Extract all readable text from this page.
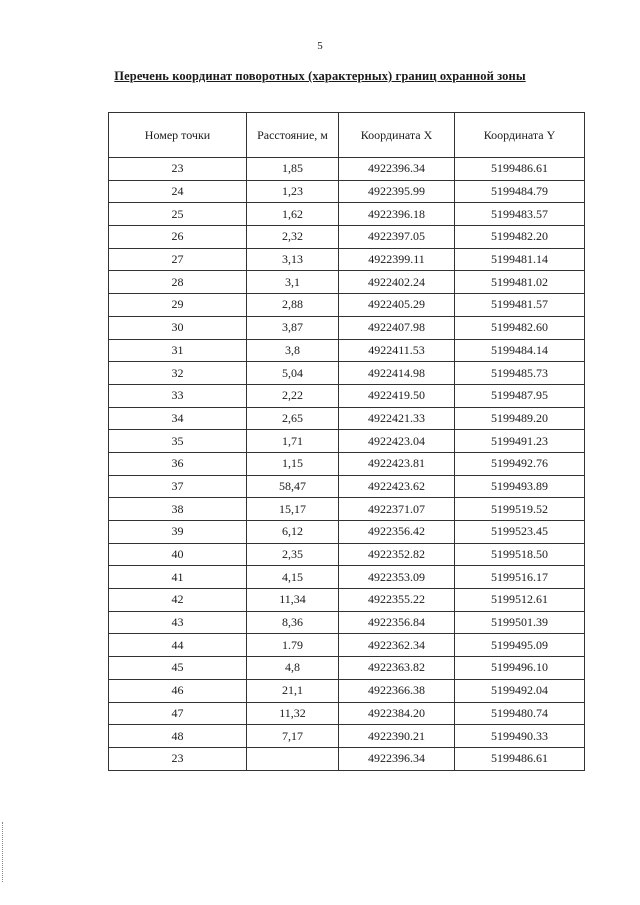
5
Перечень координат поворотных (характерных) границ охранной зоны
Номер точки	Расстояние, м	Координата X	Координата Y
23	1,85	4922396.34	5199486.61
24	1,23	4922395.99	5199484.79
25	1,62	4922396.18	5199483.57
26	2,32	4922397.05	5199482.20
27	3,13	4922399.11	5199481.14
28	3,1	4922402.24	5199481.02
29	2,88	4922405.29	5199481.57
30	3,87	4922407.98	5199482.60
31	3,8	4922411.53	5199484.14
32	5,04	4922414.98	5199485.73
33	2,22	4922419.50	5199487.95
34	2,65	4922421.33	5199489.20
35	1,71	4922423.04	5199491.23
36	1,15	4922423.81	5199492.76
37	58,47	4922423.62	5199493.89
38	15,17	4922371.07	5199519.52
39	6,12	4922356.42	5199523.45
40	2,35	4922352.82	5199518.50
41	4,15	4922353.09	5199516.17
42	11,34	4922355.22	5199512.61
43	8,36	4922356.84	5199501.39
44	1.79	4922362.34	5199495.09
45	4,8	4922363.82	5199496.10
46	21,1	4922366.38	5199492.04
47	11,32	4922384.20	5199480.74
48	7,17	4922390.21	5199490.33
23		4922396.34	5199486.61
